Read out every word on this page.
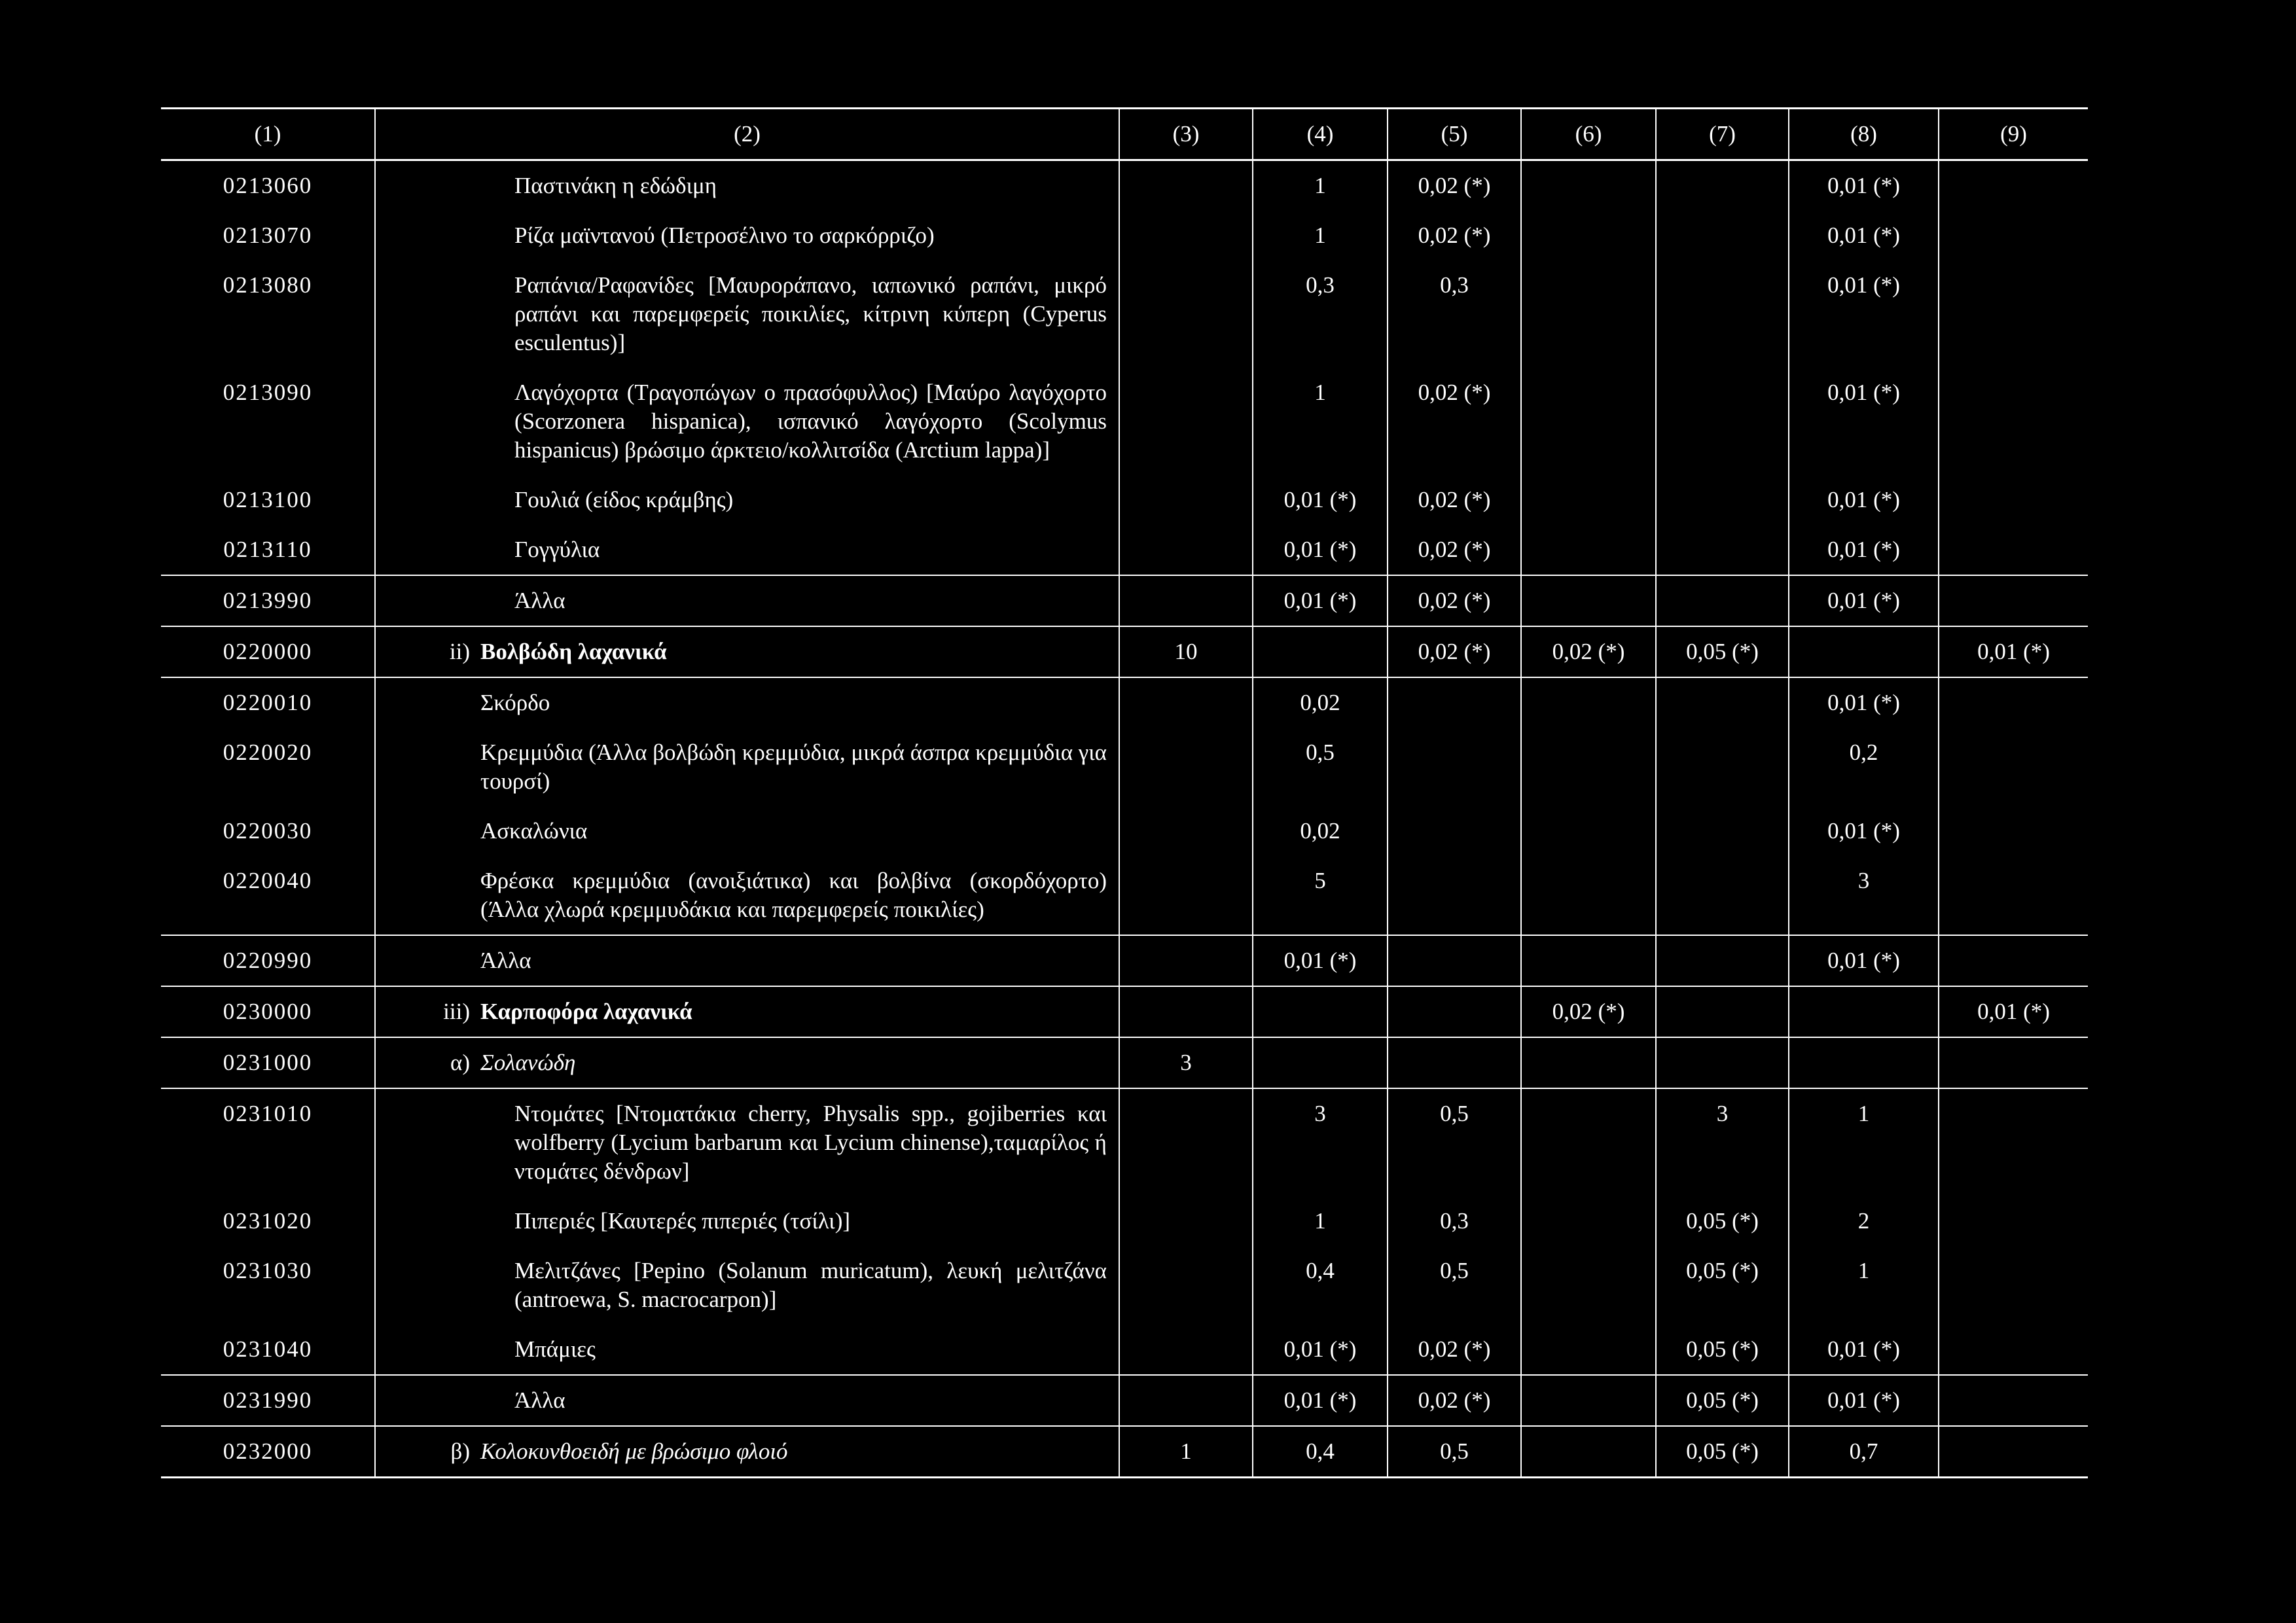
(1)	(2)	(3)	(4)	(5)	(6)	(7)	(8)	(9)
0213060	Παστινάκη η εδώδιμη		1	0,02 (*)			0,01 (*)	
0213070	Ρίζα μαϊντανού (Πετροσέλινο το σαρκόρριζο)		1	0,02 (*)			0,01 (*)	
0213080	Ραπάνια/Ραφανίδες [Μαυροράπανο, ιαπωνικό ραπάνι, μικρό ραπάνι και παρεμφερείς ποικιλίες, κίτρινη κύπερη (Cyperus esculentus)]		0,3	0,3			0,01 (*)	
0213090	Λαγόχορτα (Τραγοπώγων ο πρασόφυλλος) [Μαύρο λαγόχορτο (Scorzonera hispanica), ισπανικό λαγόχορτο (Scolymus hispanicus) βρώσιμο άρκτειο/κολλιτσίδα (Arctium lappa)]		1	0,02 (*)			0,01 (*)	
0213100	Γουλιά (είδος κράμβης)		0,01 (*)	0,02 (*)			0,01 (*)	
0213110	Γογγύλια		0,01 (*)	0,02 (*)			0,01 (*)	
0213990	Άλλα		0,01 (*)	0,02 (*)			0,01 (*)	
0220000	ii) Βολβώδη λαχανικά	10		0,02 (*)	0,02 (*)	0,05 (*)		0,01 (*)
0220010	Σκόρδο		0,02				0,01 (*)	
0220020	Κρεμμύδια (Άλλα βολβώδη κρεμμύδια, μικρά άσπρα κρεμμύδια για τουρσί)		0,5				0,2	
0220030	Ασκαλώνια		0,02				0,01 (*)	
0220040	Φρέσκα κρεμμύδια (ανοιξιάτικα) και βολβίνα (σκορδόχορτο) (Άλλα χλωρά κρεμμυδάκια και παρεμφερείς ποικιλίες)		5				3	
0220990	Άλλα		0,01 (*)				0,01 (*)	
0230000	iii) Καρποφόρα λαχανικά				0,02 (*)			0,01 (*)
0231000	α) Σολανώδη	3						
0231010	Ντομάτες [Ντοματάκια cherry, Physalis spp., gojiberries και wolfberry (Lycium barbarum και Lycium chinense),ταμαρίλος ή ντομάτες δένδρων]		3	0,5		3	1	
0231020	Πιπεριές [Καυτερές πιπεριές (τσίλι)]		1	0,3		0,05 (*)	2	
0231030	Μελιτζάνες [Pepino (Solanum muricatum), λευκή μελιτζάνα (antroewa, S. macrocarpon)]		0,4	0,5		0,05 (*)	1	
0231040	Μπάμιες		0,01 (*)	0,02 (*)		0,05 (*)	0,01 (*)	
0231990	Άλλα		0,01 (*)	0,02 (*)		0,05 (*)	0,01 (*)	
0232000	β) Κολοκυνθοειδή με βρώσιμο φλοιό	1	0,4	0,5		0,05 (*)	0,7	
